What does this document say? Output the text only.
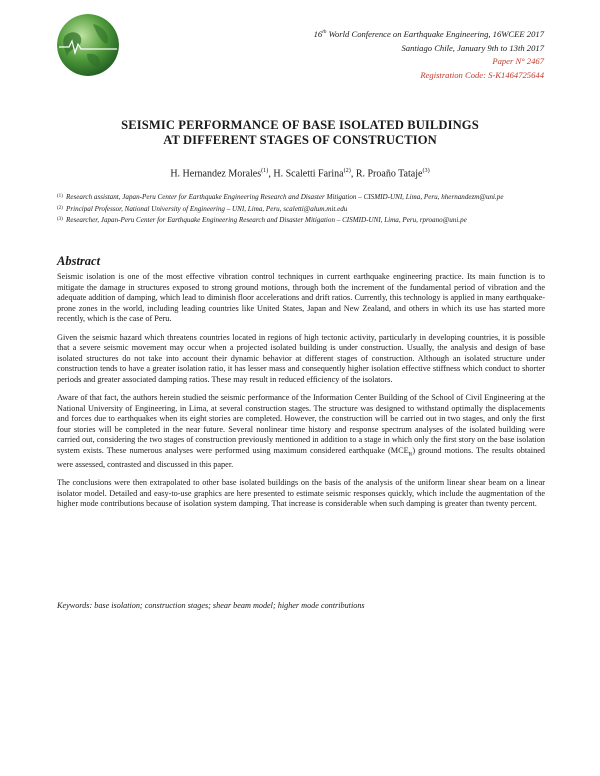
16th World Conference on Earthquake Engineering, 16WCEE 2017
Santiago Chile, January 9th to 13th 2017
Paper N° 2467
Registration Code: S-K1464725644
SEISMIC PERFORMANCE OF BASE ISOLATED BUILDINGS
AT DIFFERENT STAGES OF CONSTRUCTION
H. Hernandez Morales$^{(1)}$, H. Scaletti Farina$^{(2)}$, R. Proaño Tataje$^{(3)}$
(1) Research assistant, Japan-Peru Center for Earthquake Engineering Research and Disaster Mitigation – CISMID-UNI, Lima, Peru, hhernandezm@uni.pe
(2) Principal Professor, National University of Engineering – UNI, Lima, Peru, scaletti@alum.mit.edu
(3) Researcher, Japan-Peru Center for Earthquake Engineering Research and Disaster Mitigation – CISMID-UNI, Lima, Peru, rproano@uni.pe
Abstract

Seismic isolation is one of the most effective vibration control techniques in current earthquake engineering practice. Its main function is to mitigate the damage in structures exposed to strong ground motions, through both the increment of the fundamental period of vibration and the adequate addition of damping, which lead to diminish floor accelerations and drift ratios. Currently, this technology is applied in many earthquake-prone zones in the world, including leading countries like United States, Japan and New Zealand, and others in which its use has started more recently, which is the case of Peru.

Given the seismic hazard which threatens countries located in regions of high tectonic activity, particularly in developing countries, it is possible that a severe seismic movement may occur when a projected isolated building is under construction. Usually, the analysis and design of base isolated structures do not take into account their dynamic behavior at different stages of construction. Although an isolated structure under construction tends to have a greater isolation ratio, it has lesser mass and consequently higher isolation effective stiffness which conduct to shorter periods and greater associated damping ratios. These may result in reduced efficiency of the isolators.

Aware of that fact, the authors herein studied the seismic performance of the Information Center Building of the School of Civil Engineering at the National University of Engineering, in Lima, at several construction stages. The structure was designed to withstand optimally the displacements and forces due to earthquakes when its eight stories are completed. However, the construction will be carried out in two stages, and only the first four stories will be completed in the near future. Several nonlinear time history and response spectrum analyses of the isolated building were carried out, considering the two stages of construction previously mentioned in addition to a stage in which only the first story on the base isolation system exists. These numerous analyses were performed using maximum considered earthquake $(MCE_R)$ ground motions. The results obtained were assessed, contrasted and discussed in this paper.

The conclusions were then extrapolated to other base isolated buildings on the basis of the analysis of the uniform linear shear beam on a linear isolator model. Detailed and easy-to-use graphics are here presented to estimate seismic responses quickly, which include the augmentation of the higher mode contributions because of isolation system damping. That increase is considerable when such damping is greater than twenty percent.

Keywords: base isolation; construction stages; shear beam model; higher mode contributions
